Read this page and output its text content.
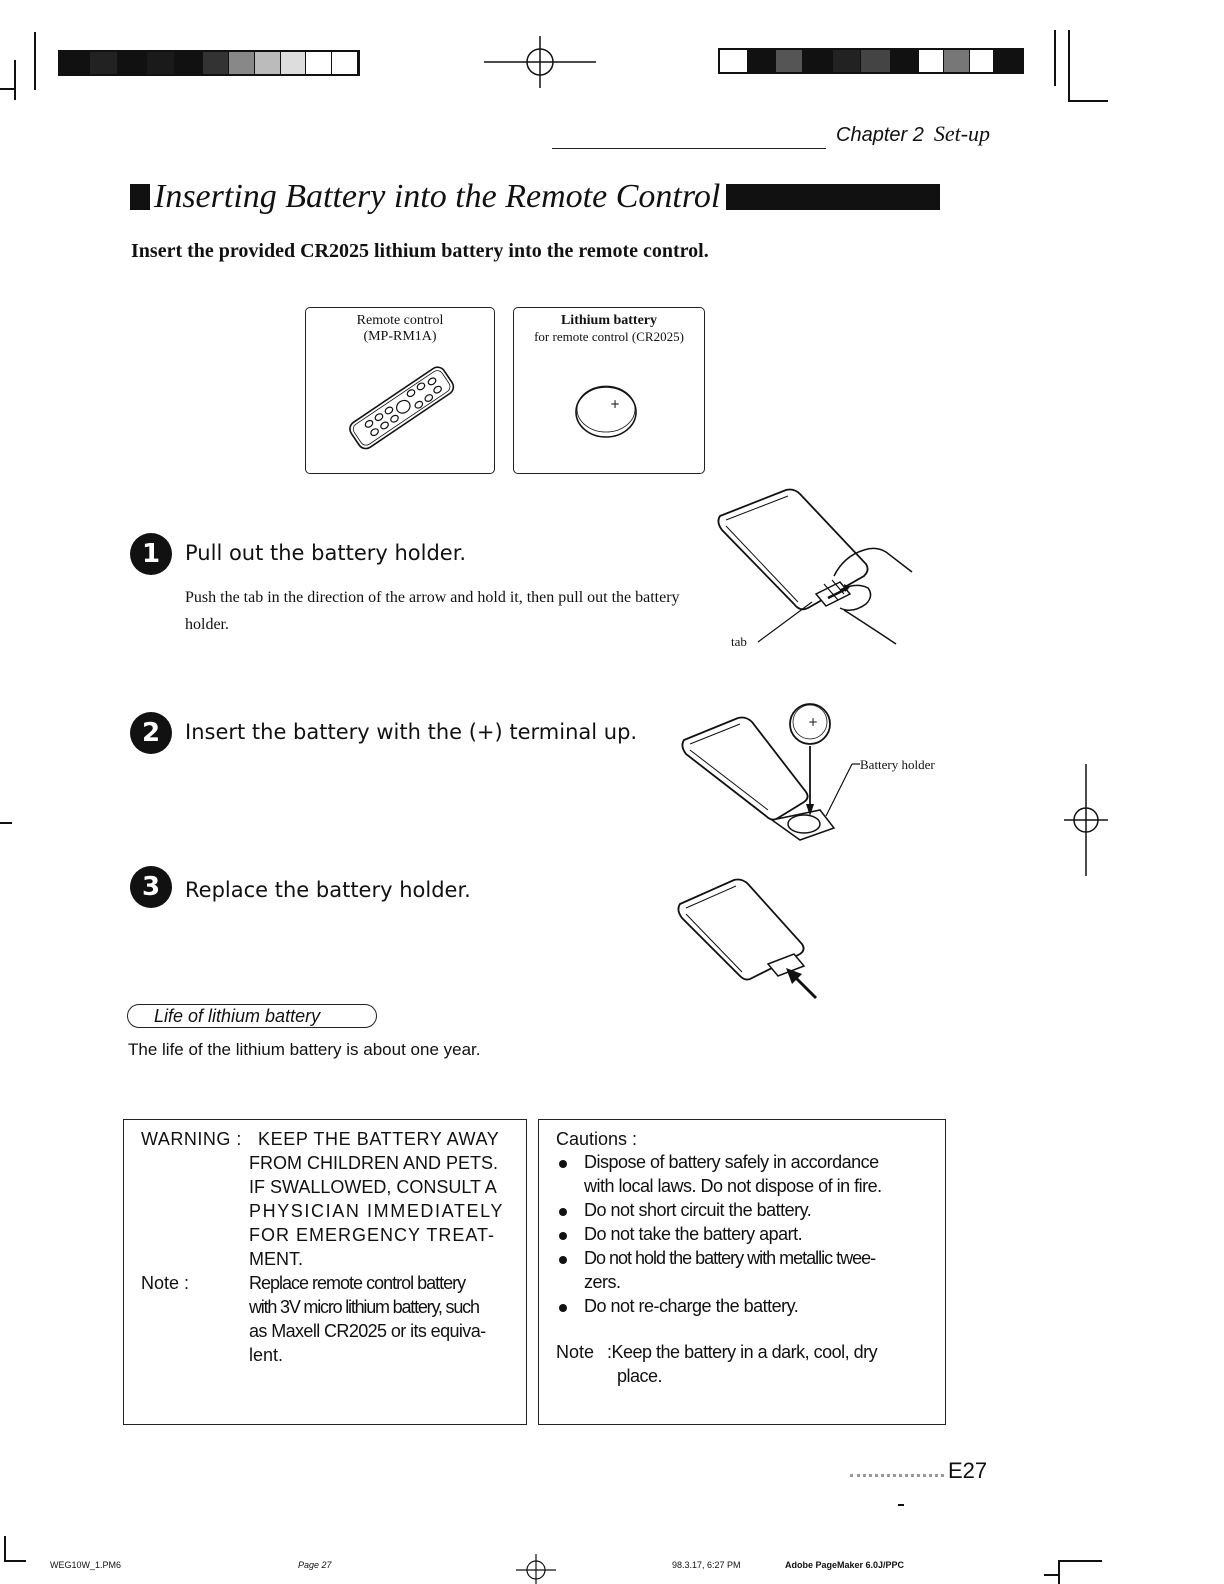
Chapter 2 Set-up
Inserting Battery into the Remote Control
Insert the provided CR2025 lithium battery into the remote control.
Remote control
(MP-RM1A)
Lithium battery
for remote control (CR2025)
+
1	Pull out the battery holder.
Push the tab in the direction of the arrow and hold it, then pull out the battery holder.
tab
2	Insert the battery with the (+) terminal up.	+
Battery holder
3	Replace the battery holder.
Life of lithium battery
The life of the lithium battery is about one year.
WARNING : KEEP THE BATTERY AWAY
FROM CHILDREN AND PETS.
IF SWALLOWED, CONSULT A
PHYSICIAN IMMEDIATELY
FOR EMERGENCY TREAT-
MENT.
Note :	Replace remote control battery
with 3V micro lithium battery, such
as Maxell CR2025 or its equiva-
lent.
Cautions :
Dispose of battery safely in accordance
with local laws. Do not dispose of in fire.
Do not short circuit the battery.
Do not take the battery apart.
Do not hold the battery with metallic twee-
zers.
Do not re-charge the battery.
Note :Keep the battery in a dark, cool, dry
place.
E27
WEG10W_1.PM6	Page 27	98.3.17, 6:27 PM	Adobe PageMaker 6.0J/PPC
